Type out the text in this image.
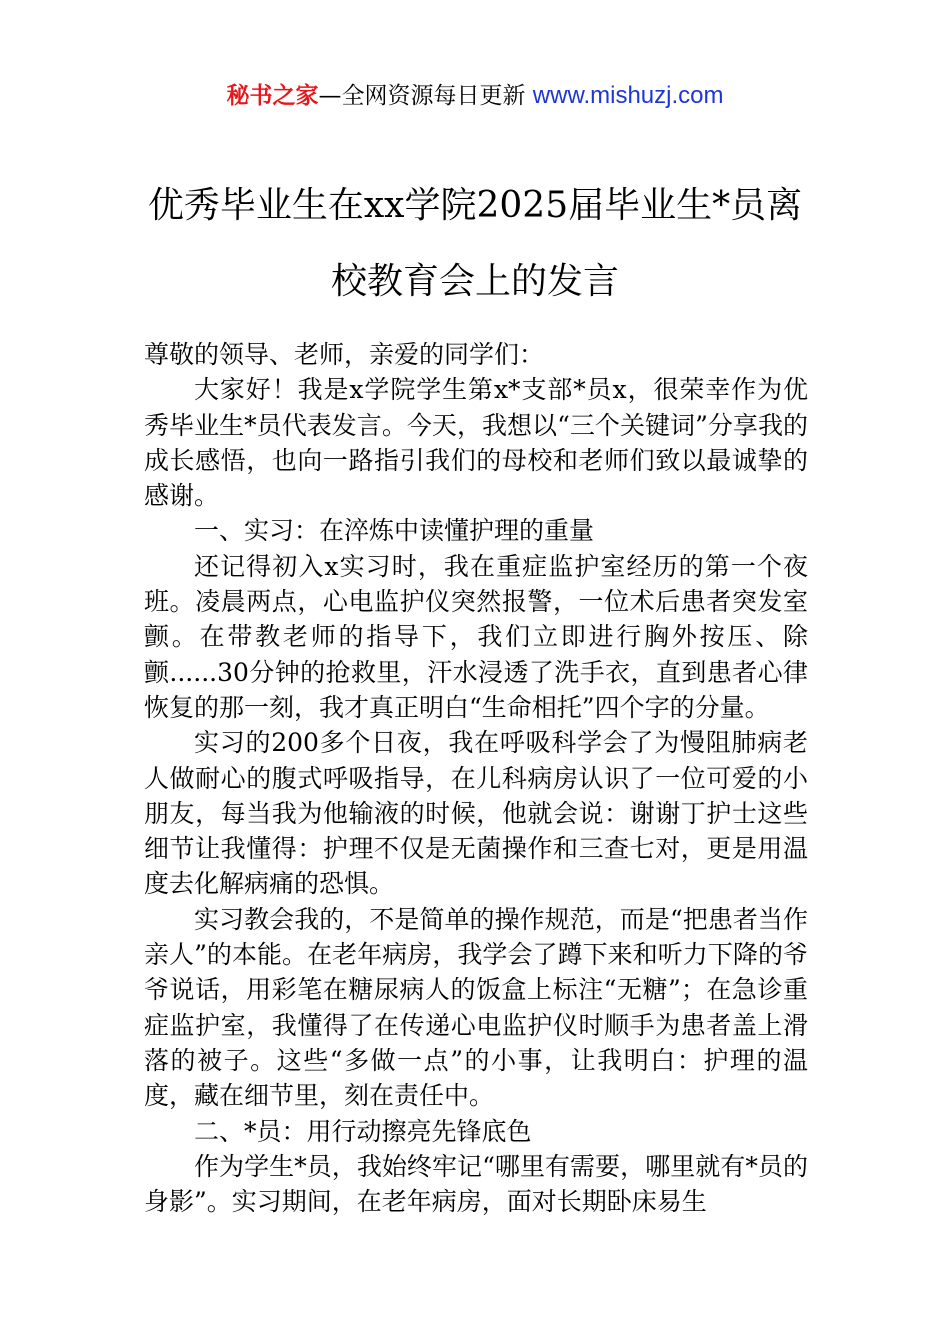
秘书之家—全网资源每日更新 www.mishuzj.com
优秀毕业生在xx学院2025届毕业生*员离
校教育会上的发言

尊敬的领导、老师，亲爱的同学们：

大家好！我是x学院学生第x*支部*员x，很荣幸作为优秀毕业生*员代表发言。今天，我想以“三个关键词”分享我的成长感悟，也向一路指引我们的母校和老师们致以最诚挚的感谢。

一、实习：在淬炼中读懂护理的重量

还记得初入x实习时，我在重症监护室经历的第一个夜班。凌晨两点，心电监护仪突然报警，一位术后患者突发室颤。在带教老师的指导下，我们立即进行胸外按压、除颤......30分钟的抢救里，汗水浸透了洗手衣，直到患者心律恢复的那一刻，我才真正明白“生命相托”四个字的分量。

实习的200多个日夜，我在呼吸科学会了为慢阻肺病老人做耐心的腹式呼吸指导，在儿科病房认识了一位可爱的小朋友，每当我为他输液的时候，他就会说：谢谢丁护士这些细节让我懂得：护理不仅是无菌操作和三查七对，更是用温度去化解病痛的恐惧。

实习教会我的，不是简单的操作规范，而是“把患者当作亲人”的本能。在老年病房，我学会了蹲下来和听力下降的爷爷说话，用彩笔在糖尿病人的饭盒上标注“无糖”；在急诊重症监护室，我懂得了在传递心电监护仪时顺手为患者盖上滑落的被子。这些“多做一点”的小事，让我明白：护理的温度，藏在细节里，刻在责任中。

二、*员：用行动擦亮先锋底色

作为学生*员，我始终牢记“哪里有需要，哪里就有*员的身影”。实习期间，在老年病房，面对长期卧床易生
